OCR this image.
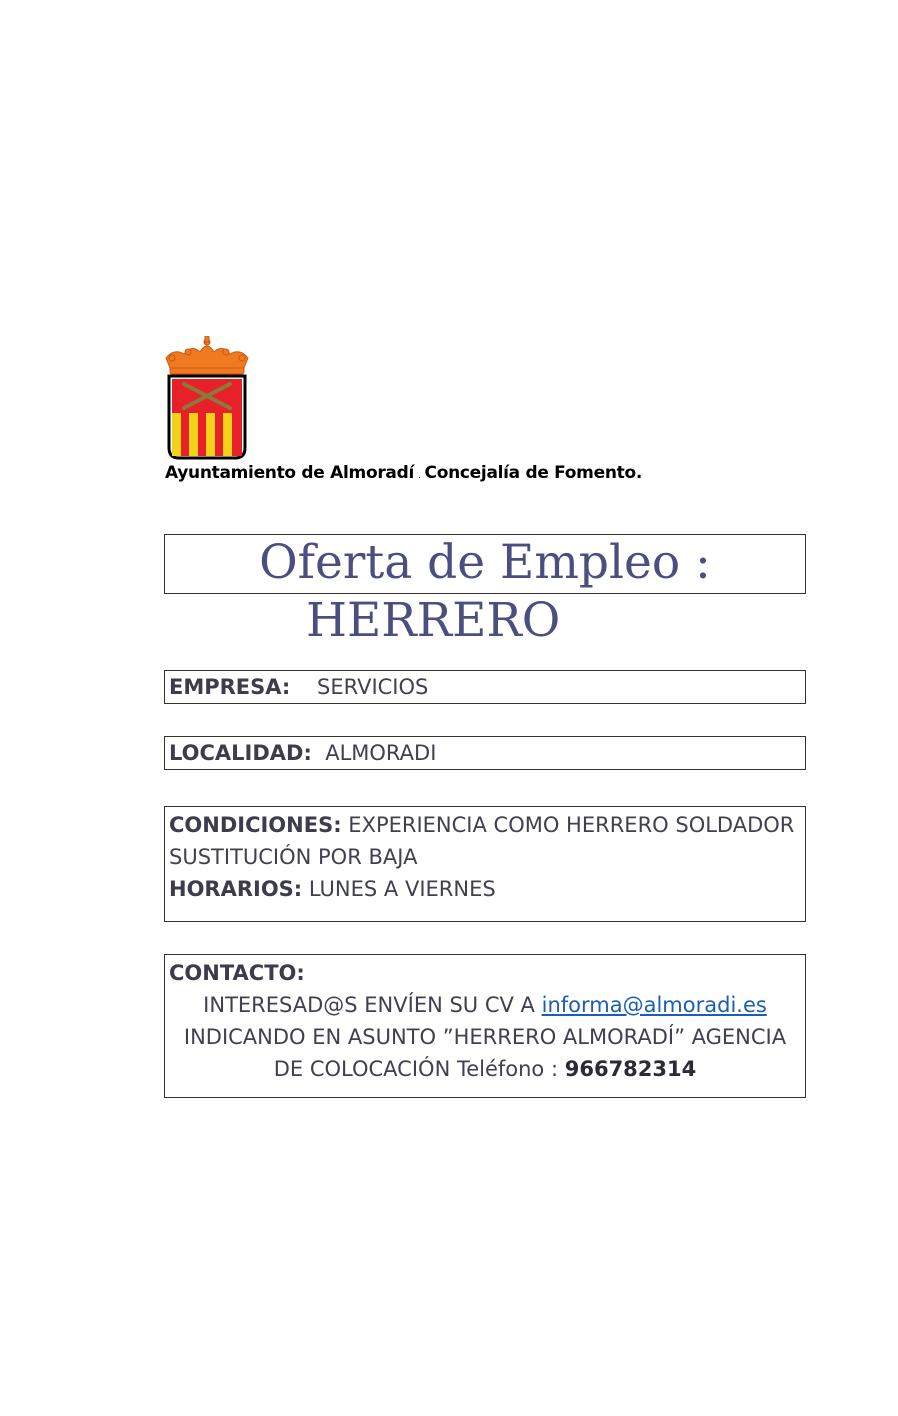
Ayuntamiento de Almoradí . Concejalía de Fomento.
Oferta de Empleo :
HERRERO
EMPRESA: SERVICIOS
LOCALIDAD: ALMORADI
CONDICIONES: EXPERIENCIA COMO HERRERO SOLDADOR
SUSTITUCIÓN POR BAJA
HORARIOS: LUNES A VIERNES
CONTACTO:
INTERESAD@S ENVÍEN SU CV A informa@almoradi.es
INDICANDO EN ASUNTO ”HERRERO ALMORADÍ” AGENCIA
DE COLOCACIÓN Teléfono : 966782314
